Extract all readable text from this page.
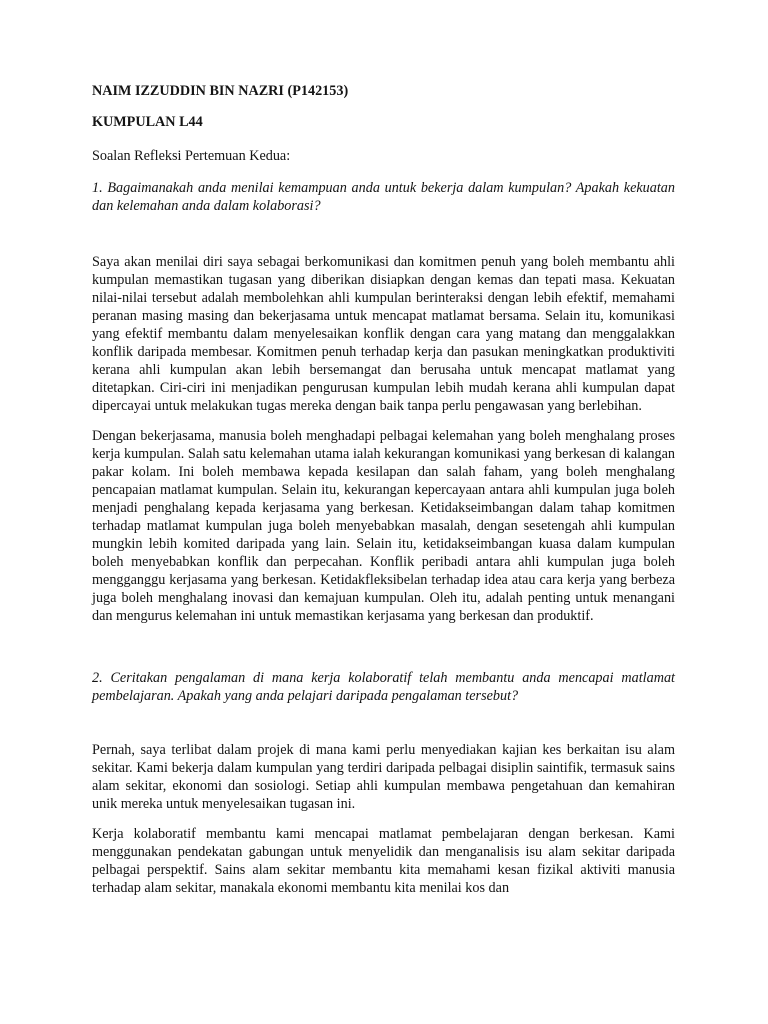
NAIM IZZUDDIN BIN NAZRI (P142153)

KUMPULAN L44

Soalan Refleksi Pertemuan Kedua:

1. Bagaimanakah anda menilai kemampuan anda untuk bekerja dalam kumpulan? Apakah kekuatan dan kelemahan anda dalam kolaborasi?

Saya akan menilai diri saya sebagai berkomunikasi dan komitmen penuh yang boleh membantu ahli kumpulan memastikan tugasan yang diberikan disiapkan dengan kemas dan tepati masa. Kekuatan nilai-nilai tersebut adalah membolehkan ahli kumpulan berinteraksi dengan lebih efektif, memahami peranan masing masing dan bekerjasama untuk mencapat matlamat bersama. Selain itu, komunikasi yang efektif membantu dalam menyelesaikan konflik dengan cara yang matang dan menggalakkan konflik daripada membesar. Komitmen penuh terhadap kerja dan pasukan meningkatkan produktiviti kerana ahli kumpulan akan lebih bersemangat dan berusaha untuk mencapat matlamat yang ditetapkan. Ciri-ciri ini menjadikan pengurusan kumpulan lebih mudah kerana ahli kumpulan dapat dipercayai untuk melakukan tugas mereka dengan baik tanpa perlu pengawasan yang berlebihan.

Dengan bekerjasama, manusia boleh menghadapi pelbagai kelemahan yang boleh menghalang proses kerja kumpulan. Salah satu kelemahan utama ialah kekurangan komunikasi yang berkesan di kalangan pakar kolam. Ini boleh membawa kepada kesilapan dan salah faham, yang boleh menghalang pencapaian matlamat kumpulan. Selain itu, kekurangan kepercayaan antara ahli kumpulan juga boleh menjadi penghalang kepada kerjasama yang berkesan. Ketidakseimbangan dalam tahap komitmen terhadap matlamat kumpulan juga boleh menyebabkan masalah, dengan sesetengah ahli kumpulan mungkin lebih komited daripada yang lain. Selain itu, ketidakseimbangan kuasa dalam kumpulan boleh menyebabkan konflik dan perpecahan. Konflik peribadi antara ahli kumpulan juga boleh mengganggu kerjasama yang berkesan. Ketidakfleksibelan terhadap idea atau cara kerja yang berbeza juga boleh menghalang inovasi dan kemajuan kumpulan. Oleh itu, adalah penting untuk menangani dan mengurus kelemahan ini untuk memastikan kerjasama yang berkesan dan produktif.

2. Ceritakan pengalaman di mana kerja kolaboratif telah membantu anda mencapai matlamat pembelajaran. Apakah yang anda pelajari daripada pengalaman tersebut?

Pernah, saya terlibat dalam projek di mana kami perlu menyediakan kajian kes berkaitan isu alam sekitar. Kami bekerja dalam kumpulan yang terdiri daripada pelbagai disiplin saintifik, termasuk sains alam sekitar, ekonomi dan sosiologi. Setiap ahli kumpulan membawa pengetahuan dan kemahiran unik mereka untuk menyelesaikan tugasan ini.

Kerja kolaboratif membantu kami mencapai matlamat pembelajaran dengan berkesan. Kami menggunakan pendekatan gabungan untuk menyelidik dan menganalisis isu alam sekitar daripada pelbagai perspektif. Sains alam sekitar membantu kita memahami kesan fizikal aktiviti manusia terhadap alam sekitar, manakala ekonomi membantu kita menilai kos dan
